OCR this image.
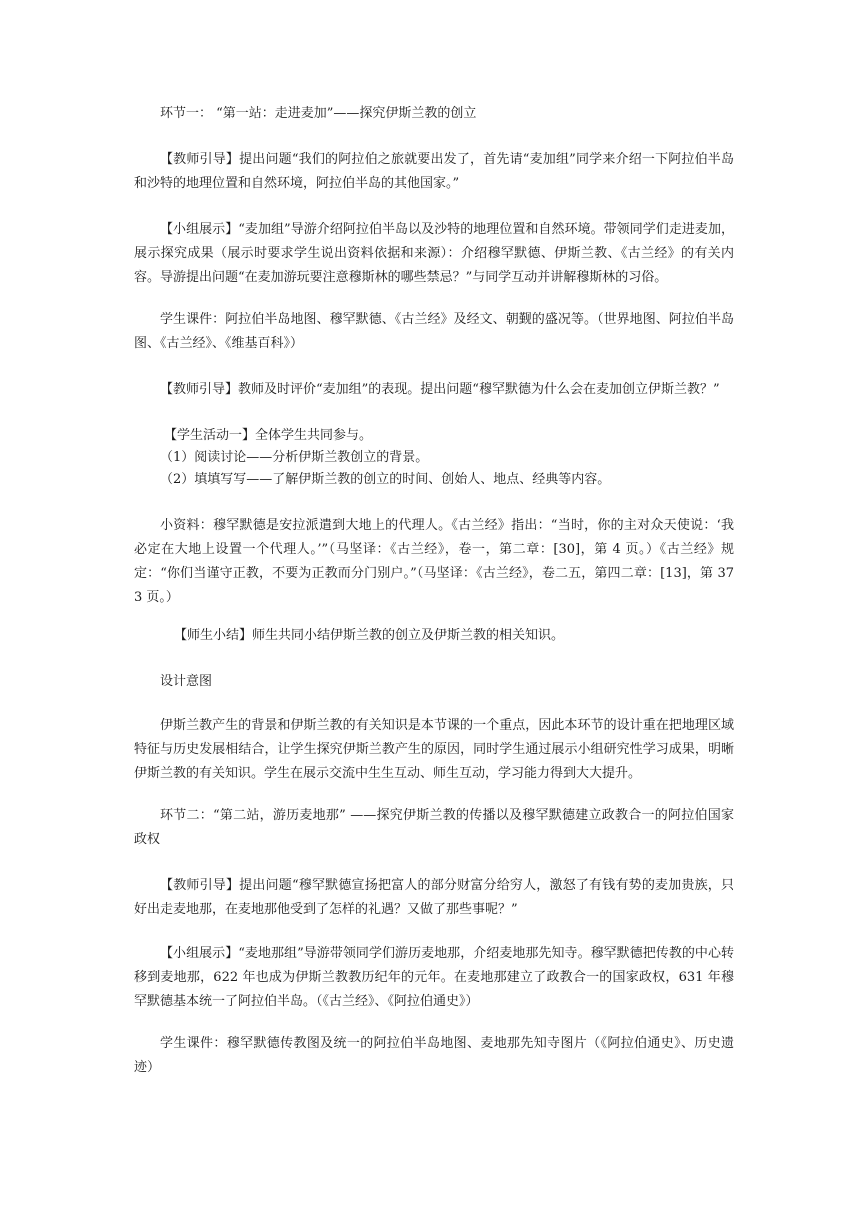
环节一： “第一站：走进麦加”——探究伊斯兰教的创立

【教师引导】提出问题“我们的阿拉伯之旅就要出发了，首先请“麦加组”同学来介绍一下阿拉伯半岛和沙特的地理位置和自然环境，阿拉伯半岛的其他国家。”

【小组展示】“麦加组”导游介绍阿拉伯半岛以及沙特的地理位置和自然环境。带领同学们走进麦加，展示探究成果（展示时要求学生说出资料依据和来源）：介绍穆罕默德、伊斯兰教、《古兰经》的有关内容。导游提出问题“在麦加游玩要注意穆斯林的哪些禁忌？”与同学互动并讲解穆斯林的习俗。

学生课件：阿拉伯半岛地图、穆罕默德、《古兰经》及经文、朝觐的盛况等。（世界地图、阿拉伯半岛图、《古兰经》、《维基百科》）

【教师引导】教师及时评价“麦加组”的表现。提出问题“穆罕默德为什么会在麦加创立伊斯兰教？”

【学生活动一】全体学生共同参与。

（1）阅读讨论——分析伊斯兰教创立的背景。

（2）填填写写——了解伊斯兰教的创立的时间、创始人、地点、经典等内容。

小资料：穆罕默德是安拉派遣到大地上的代理人。《古兰经》指出：“当时，你的主对众天使说：‘我必定在大地上设置一个代理人。’”（马坚译：《古兰经》，卷一，第二章：[30]，第 4 页。）《古兰经》规定：“你们当谨守正教，不要为正教而分门别户。”（马坚译：《古兰经》，卷二五，第四二章：[13]，第 373 页。）

【师生小结】师生共同小结伊斯兰教的创立及伊斯兰教的相关知识。

设计意图

伊斯兰教产生的背景和伊斯兰教的有关知识是本节课的一个重点，因此本环节的设计重在把地理区域特征与历史发展相结合，让学生探究伊斯兰教产生的原因，同时学生通过展示小组研究性学习成果，明晰伊斯兰教的有关知识。学生在展示交流中生生互动、师生互动，学习能力得到大大提升。

环节二：“第二站，游历麦地那” ——探究伊斯兰教的传播以及穆罕默德建立政教合一的阿拉伯国家政权

【教师引导】提出问题“穆罕默德宣扬把富人的部分财富分给穷人，激怒了有钱有势的麦加贵族，只好出走麦地那，在麦地那他受到了怎样的礼遇？又做了那些事呢？”

【小组展示】“麦地那组”导游带领同学们游历麦地那，介绍麦地那先知寺。穆罕默德把传教的中心转移到麦地那，622 年也成为伊斯兰教教历纪年的元年。在麦地那建立了政教合一的国家政权，631 年穆罕默德基本统一了阿拉伯半岛。（《古兰经》、《阿拉伯通史》）

学生课件：穆罕默德传教图及统一的阿拉伯半岛地图、麦地那先知寺图片（《阿拉伯通史》、历史遗迹）
